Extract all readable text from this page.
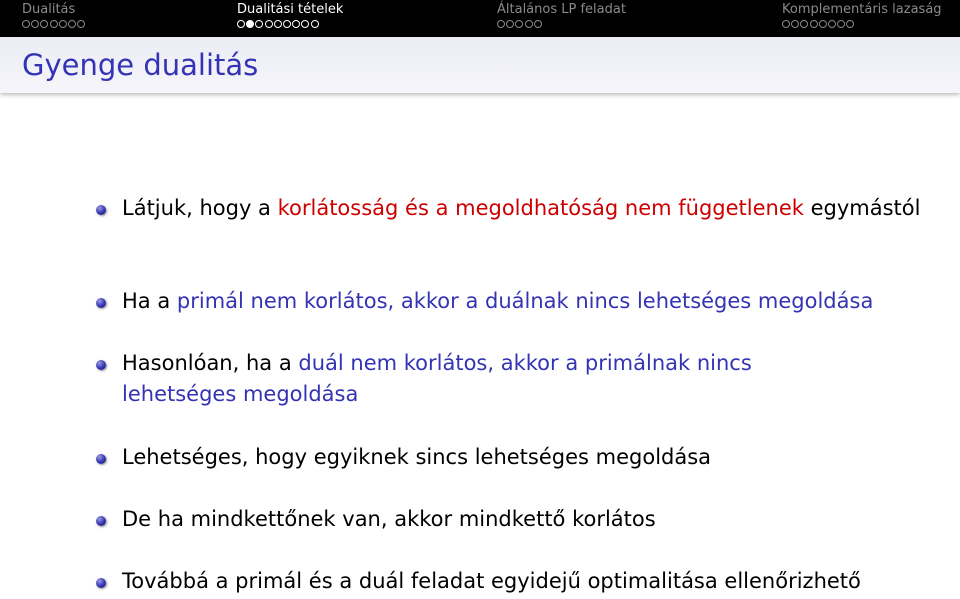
Dualitás	Dualitási tételek	Általános LP feladat	Komplementáris lazaság
Gyenge dualitás
Látjuk, hogy a korlátosság és a megoldhatóság nem függetlenek egymástól
Ha a primál nem korlátos, akkor a duálnak nincs lehetséges megoldása
Hasonlóan, ha a duál nem korlátos, akkor a primálnak nincs lehetséges megoldása
Lehetséges, hogy egyiknek sincs lehetséges megoldása
De ha mindkettőnek van, akkor mindkettő korlátos
Továbbá a primál és a duál feladat egyidejű optimalitása ellenőrizhető
